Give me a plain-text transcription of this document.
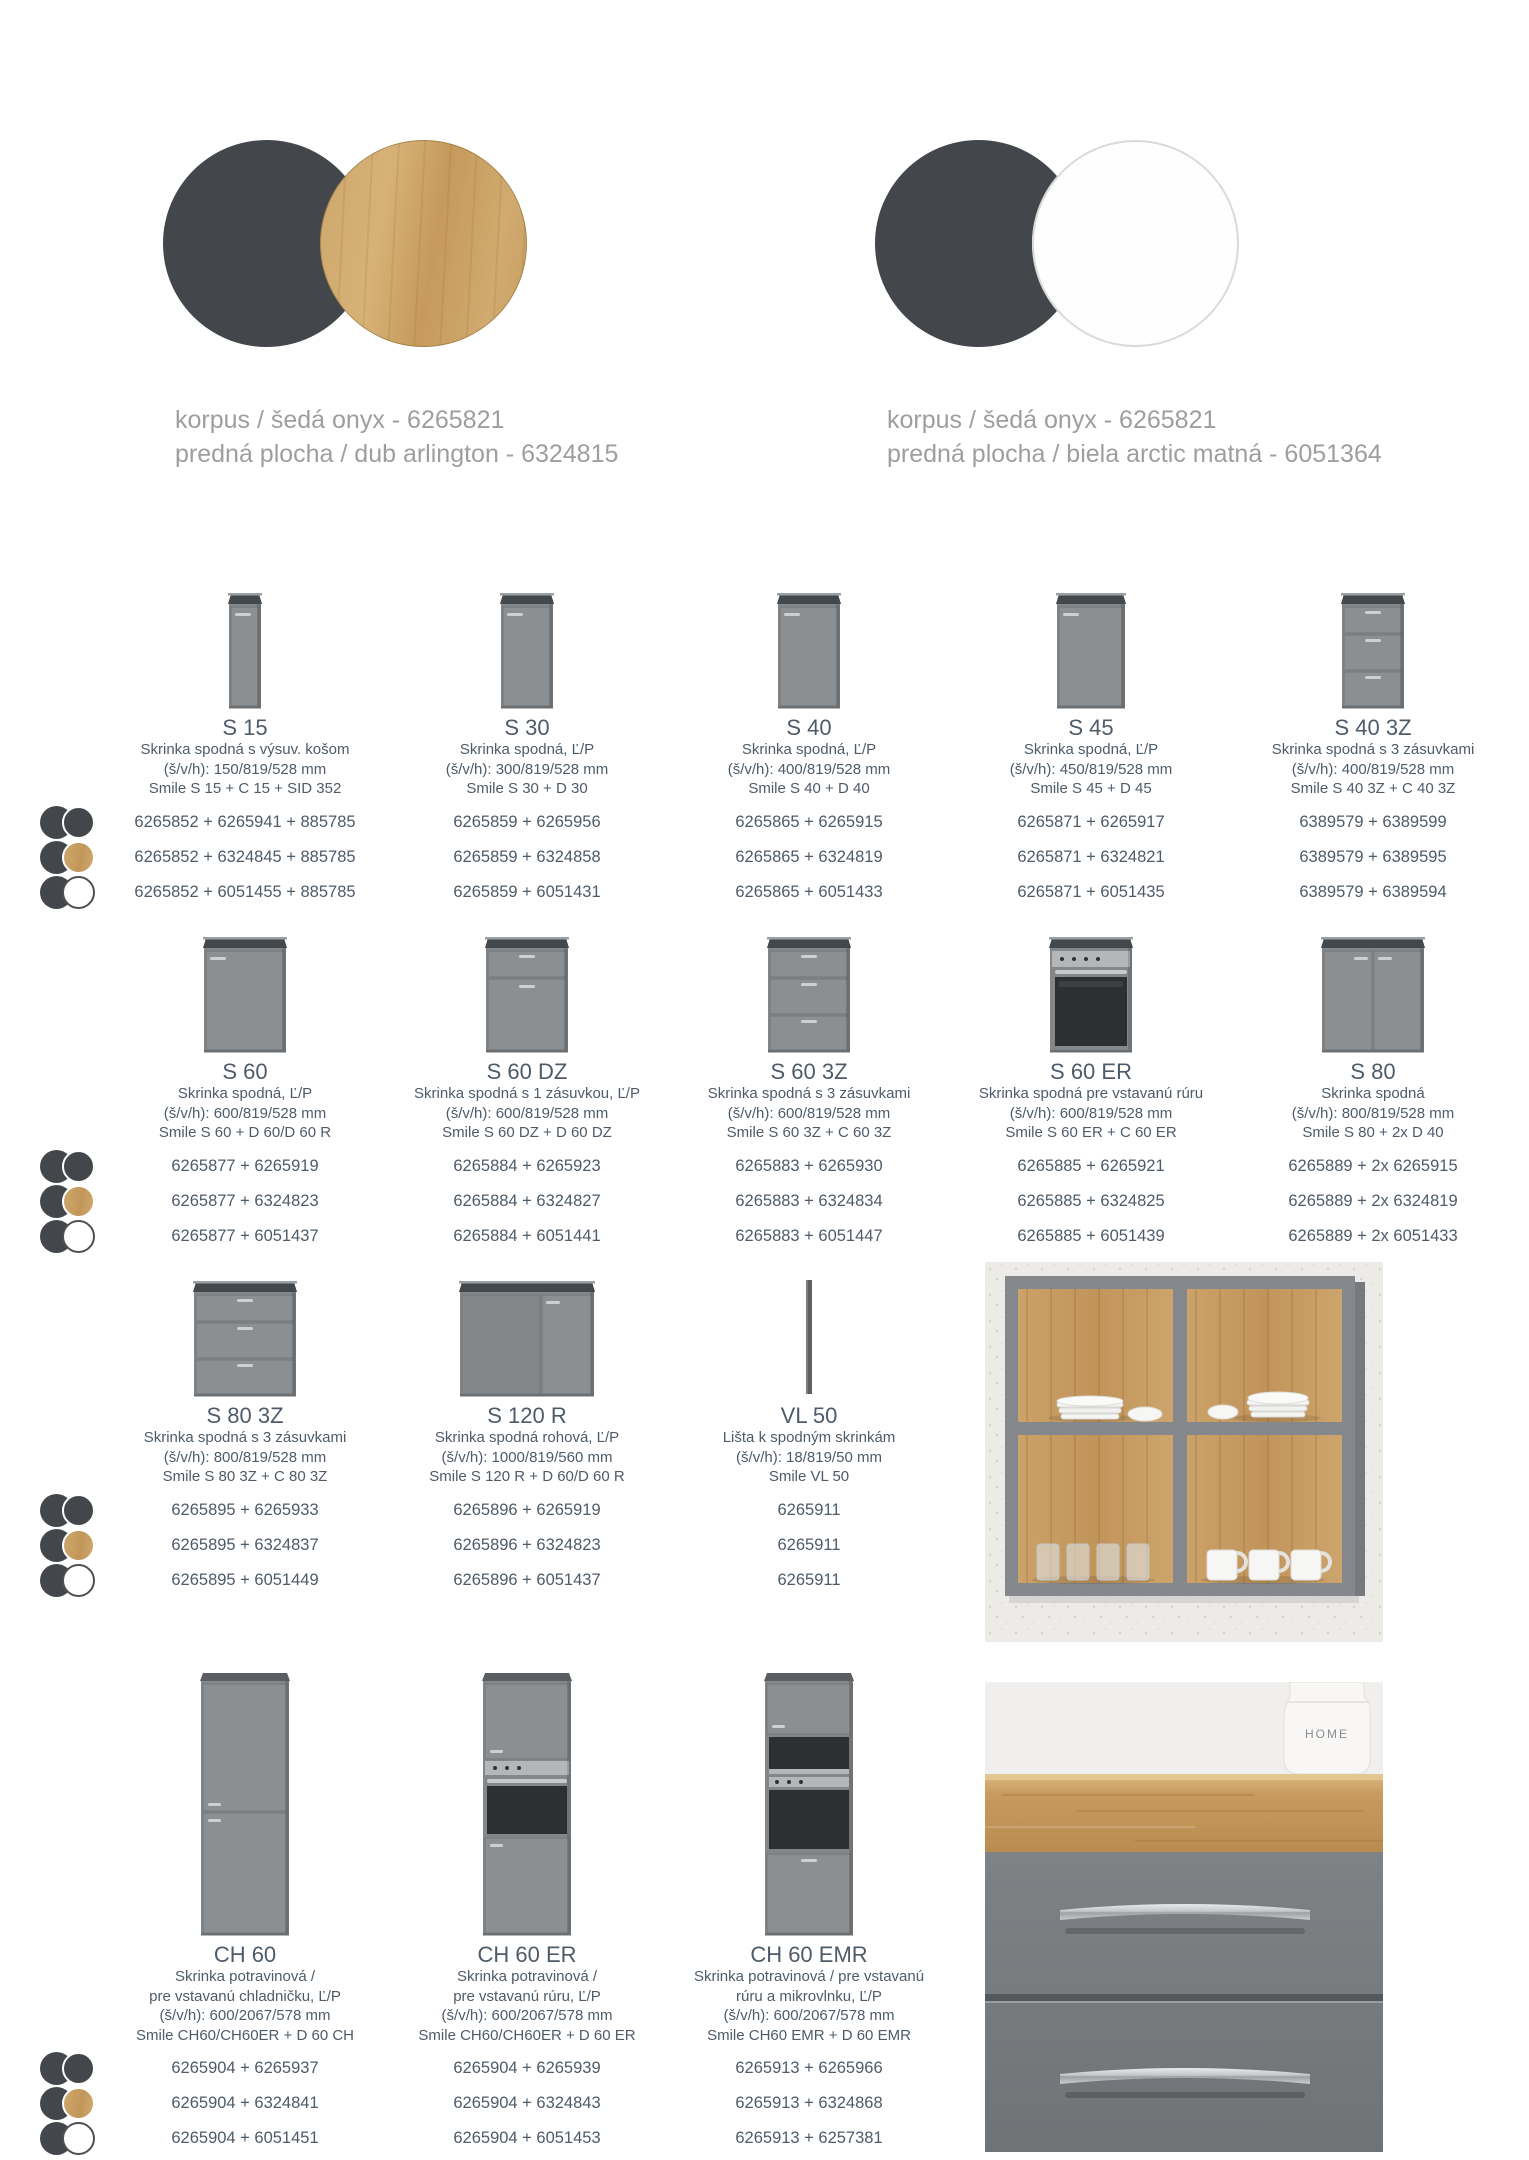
korpus / šedá onyx - 6265821
predná plocha / dub arlington - 6324815
korpus / šedá onyx - 6265821
predná plocha / biela arctic matná - 6051364
S 15
Skrinka spodná s výsuv. košom
(š/v/h): 150/819/528 mm
Smile S 15 + C 15 + SID 352
6265852 + 6265941 + 885785
6265852 + 6324845 + 885785
6265852 + 6051455 + 885785
S 30
Skrinka spodná, Ľ/P
(š/v/h): 300/819/528 mm
Smile S 30 + D 30
6265859 + 6265956
6265859 + 6324858
6265859 + 6051431
S 40
Skrinka spodná, Ľ/P
(š/v/h): 400/819/528 mm
Smile S 40 + D 40
6265865 + 6265915
6265865 + 6324819
6265865 + 6051433
S 45
Skrinka spodná, Ľ/P
(š/v/h): 450/819/528 mm
Smile S 45 + D 45
6265871 + 6265917
6265871 + 6324821
6265871 + 6051435
S 40 3Z
Skrinka spodná s 3 zásuvkami
(š/v/h): 400/819/528 mm
Smile S 40 3Z + C 40 3Z
6389579 + 6389599
6389579 + 6389595
6389579 + 6389594
S 60
Skrinka spodná, Ľ/P
(š/v/h): 600/819/528 mm
Smile S 60 + D 60/D 60 R
6265877 + 6265919
6265877 + 6324823
6265877 + 6051437
S 60 DZ
Skrinka spodná s 1 zásuvkou, Ľ/P
(š/v/h): 600/819/528 mm
Smile S 60 DZ + D 60 DZ
6265884 + 6265923
6265884 + 6324827
6265884 + 6051441
S 60 3Z
Skrinka spodná s 3 zásuvkami
(š/v/h): 600/819/528 mm
Smile S 60 3Z + C 60 3Z
6265883 + 6265930
6265883 + 6324834
6265883 + 6051447
S 60 ER
Skrinka spodná pre vstavanú rúru
(š/v/h): 600/819/528 mm
Smile S 60 ER + C 60 ER
6265885 + 6265921
6265885 + 6324825
6265885 + 6051439
S 80
Skrinka spodná
(š/v/h): 800/819/528 mm
Smile S 80 + 2x D 40
6265889 + 2x 6265915
6265889 + 2x 6324819
6265889 + 2x 6051433
S 80 3Z
Skrinka spodná s 3 zásuvkami
(š/v/h): 800/819/528 mm
Smile S 80 3Z + C 80 3Z
6265895 + 6265933
6265895 + 6324837
6265895 + 6051449
S 120 R
Skrinka spodná rohová, Ľ/P
(š/v/h): 1000/819/560 mm
Smile S 120 R + D 60/D 60 R
6265896 + 6265919
6265896 + 6324823
6265896 + 6051437
VL 50
Lišta k spodným skrinkám
(š/v/h): 18/819/50 mm
Smile VL 50
6265911
6265911
6265911
CH 60
Skrinka potravinová /
pre vstavanú chladničku, Ľ/P
(š/v/h): 600/2067/578 mm
Smile CH60/CH60ER + D 60 CH
6265904 + 6265937
6265904 + 6324841
6265904 + 6051451
CH 60 ER
Skrinka potravinová /
pre vstavanú rúru, Ľ/P
(š/v/h): 600/2067/578 mm
Smile CH60/CH60ER + D 60 ER
6265904 + 6265939
6265904 + 6324843
6265904 + 6051453
CH 60 EMR
Skrinka potravinová / pre vstavanú
rúru a mikrovlnku, Ľ/P
(š/v/h): 600/2067/578 mm
Smile CH60 EMR + D 60 EMR
6265913 + 6265966
6265913 + 6324868
6265913 + 6257381
HOME
